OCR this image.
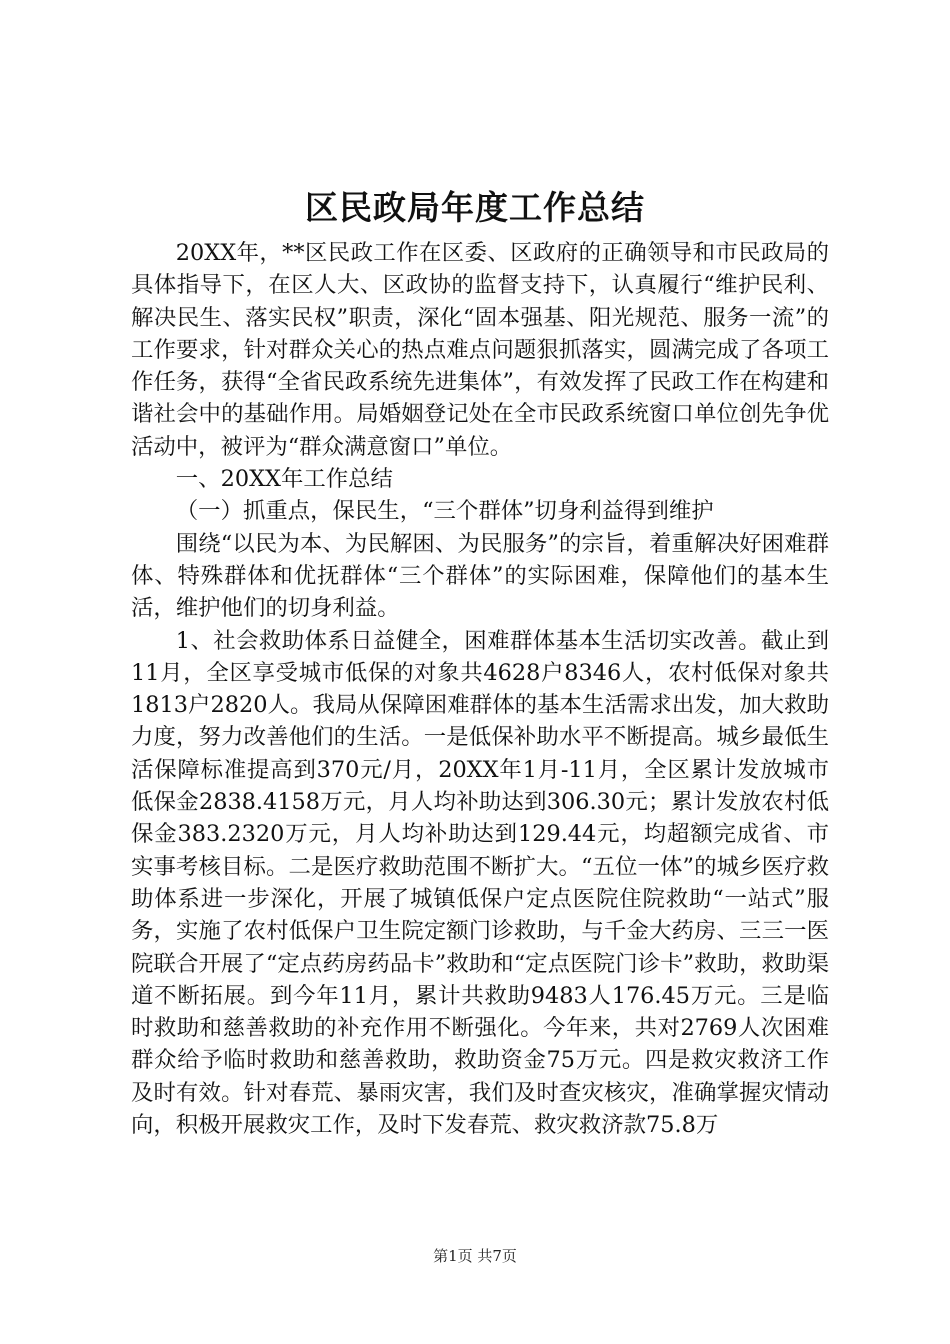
区民政局年度工作总结

20XX年，**区民政工作在区委、区政府的正确领导和市民政局的具体指导下，在区人大、区政协的监督支持下，认真履行“维护民利、解决民生、落实民权”职责，深化“固本强基、阳光规范、服务一流”的工作要求，针对群众关心的热点难点问题狠抓落实，圆满完成了各项工作任务，获得“全省民政系统先进集体”，有效发挥了民政工作在构建和谐社会中的基础作用。局婚姻登记处在全市民政系统窗口单位创先争优活动中，被评为“群众满意窗口”单位。

一、20XX年工作总结

（一）抓重点，保民生，“三个群体”切身利益得到维护

围绕“以民为本、为民解困、为民服务”的宗旨，着重解决好困难群体、特殊群体和优抚群体“三个群体”的实际困难，保障他们的基本生活，维护他们的切身利益。

1、社会救助体系日益健全，困难群体基本生活切实改善。截止到11月，全区享受城市低保的对象共4628户8346人，农村低保对象共1813户2820人。我局从保障困难群体的基本生活需求出发，加大救助力度，努力改善他们的生活。一是低保补助水平不断提高。城乡最低生活保障标准提高到370元/月，20XX年1月-11月，全区累计发放城市低保金2838.4158万元，月人均补助达到306.30元；累计发放农村低保金383.2320万元，月人均补助达到129.44元，均超额完成省、市实事考核目标。二是医疗救助范围不断扩大。“五位一体”的城乡医疗救助体系进一步深化，开展了城镇低保户定点医院住院救助“一站式”服务，实施了农村低保户卫生院定额门诊救助，与千金大药房、三三一医院联合开展了“定点药房药品卡”救助和“定点医院门诊卡”救助，救助渠道不断拓展。到今年11月，累计共救助9483人176.45万元。三是临时救助和慈善救助的补充作用不断强化。今年来，共对2769人次困难群众给予临时救助和慈善救助，救助资金75万元。四是救灾救济工作及时有效。针对春荒、暴雨灾害，我们及时查灾核灾，准确掌握灾情动向，积极开展救灾工作，及时下发春荒、救灾救济款75.8万

第1页 共7页
